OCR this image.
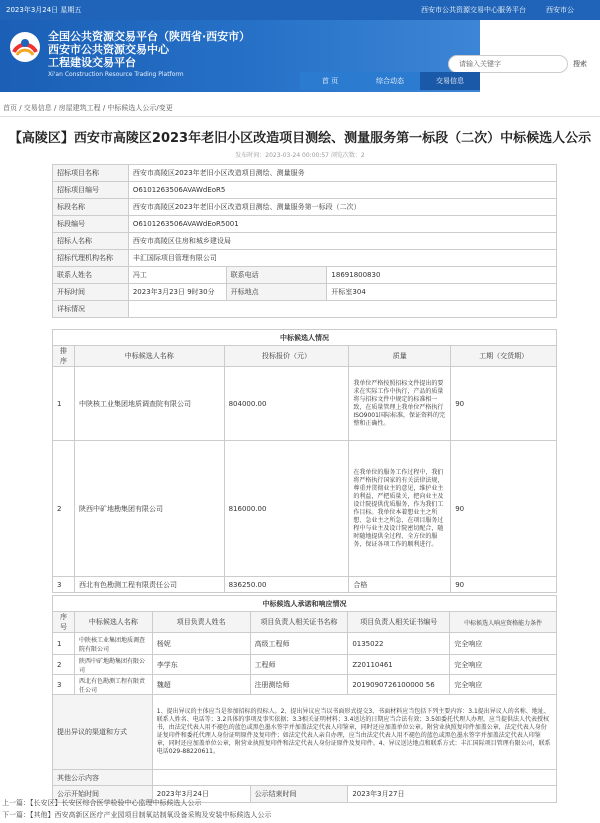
2023年3月24日 星期五	西安市公共资源交易中心服务平台	西安市公
全国公共资源交易平台（陕西省·西安市）
西安市公共资源交易中心
工程建设交易平台
Xi'an Construction Resource Trading Platform
请输入关键字	搜索
首 页	综合动态	交易信息
首页 / 交易信息 / 房屋建筑工程 / 中标候选人公示/变更
【高陵区】西安市高陵区2023年老旧小区改造项目测绘、测量服务第一标段（二次）中标候选人公示
发布时间：2023-03-24 00:00:57 浏览次数：2
招标项目名称	西安市高陵区2023年老旧小区改造项目测绘、测量服务		
招标项目编号	O6101263506AVAWdEoR5		
标段名称	西安市高陵区2023年老旧小区改造项目测绘、测量服务第一标段（二次）		
标段编号	O6101263506AVAWdEoR5001		
招标人名称	西安市高陵区住房和城乡建设局		
招标代理机构名称	丰汇国际项目管理有限公司		
联系人姓名	冯工	联系电话	18691800830
开标时间	2023年3月23日 9时30分	开标地点	开标室304
详标情况			
中标候选人情况				
排序	中标候选人名称	投标报价（元）	质量	工期（交货期）
1	中陕核工业集团地质调查院有限公司	804000.00	我单位严格按照招标文件提出的要求在实际工作中执行，产品的质量将与招标文件中规定的标准相一致，在质量管理上我单位严格执行ISO9001国际标准，保证资料的完整和正确性。	90
2	陕西中矿地勘集团有限公司	816000.00	在我单位的服务工作过程中，我们将严格执行国家的有关法律法规，尊重并贯彻业主的意见，维护业主的利益，严把质量关，把向业主及设计院提供优质服务，作为我们工作目标。我单位本着想业主之所想、急业主之所急，在项目服务过程中与业主及设计院密切配合，随时随地提供全过程、全方位的服务，保证各项工作的顺利进行。	90
3	西北有色勘测工程有限责任公司	836250.00	合格	90
中标候选人承诺和响应情况					
序号	中标候选人名称	项目负责人姓名	项目负责人相关证书名称	项目负责人相关证书编号	中标候选人响应资格能力条件
1	中陕核工业集团地质调查院有限公司	杨妮	高级工程师	0135022	完全响应
2	陕西中矿地勘集团有限公司	李学东	工程师	Z20110461	完全响应
3	西北有色勘测工程有限责任公司	魏超	注册测绘师	2019090726100000 56	完全响应
提出异议的渠道和方式		1、提出异议的主体应当是参加招标的投标人。2、提出异议应当以书面形式提交3、书面材料应当包括下列主要内容：3.1提出异议人的名称、地址、联系人姓名、电话等；3.2具体的事项及事实依据；3.3相关证明材料；3.4送达的日期应当合法有效；3.5如委托代理人办理，应当提供法人代表授权书，由法定代表人用不褪色的蓝色或黑色墨水签字并加盖法定代表人印鉴章，同时还应加盖单位公章。附营业执照复印件加盖公章，法定代表人身份证复印件和委托代理人身份证明原件及复印件；如法定代表人亲自办理，应当由法定代表人用不褪色的蓝色或黑色墨水签字并加盖法定代表人印鉴章，同时还应加盖单位公章，附营业执照复印件和法定代表人身份证原件及复印件。4、异议送达地点和联系方式：丰汇国际项目管理有限公司，联系电话029-88220611。			
其他公示内容					
公示开始时间		2023年3月24日	公示结束时间	2023年3月27日	
上一篇：【长安区】长安区综合医学检验中心监理中标候选人公示
下一篇：【其他】西安高新区医疗产业园项目制氧站制氧设备采购及安装中标候选人公示
